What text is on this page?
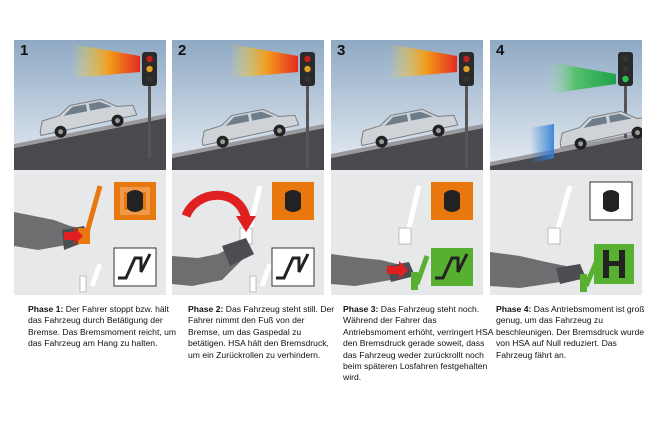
1	2	3	4
Phase 1: Der Fahrer stoppt bzw. hält das Fahrzeug durch Betätigung der Bremse. Das Bremsmoment reicht, um das Fahrzeug am Hang zu halten.
Phase 2: Das Fahrzeug steht still. Der Fahrer nimmt den Fuß von der Bremse, um das Gaspedal zu betätigen. HSA hält den Bremsdruck, um ein Zurückrollen zu verhindern.
Phase 3: Das Fahrzeug steht noch. Während der Fahrer das Antriebsmoment erhöht, verringert HSA den Bremsdruck gerade soweit, dass das Fahrzeug weder zurückrollt noch beim späteren Losfahren festgehalten wird.
Phase 4: Das Antriebsmoment ist groß genug, um das Fahrzeug zu beschleunigen. Der Bremsdruck wurde von HSA auf Null reduziert. Das Fahrzeug fährt an.
